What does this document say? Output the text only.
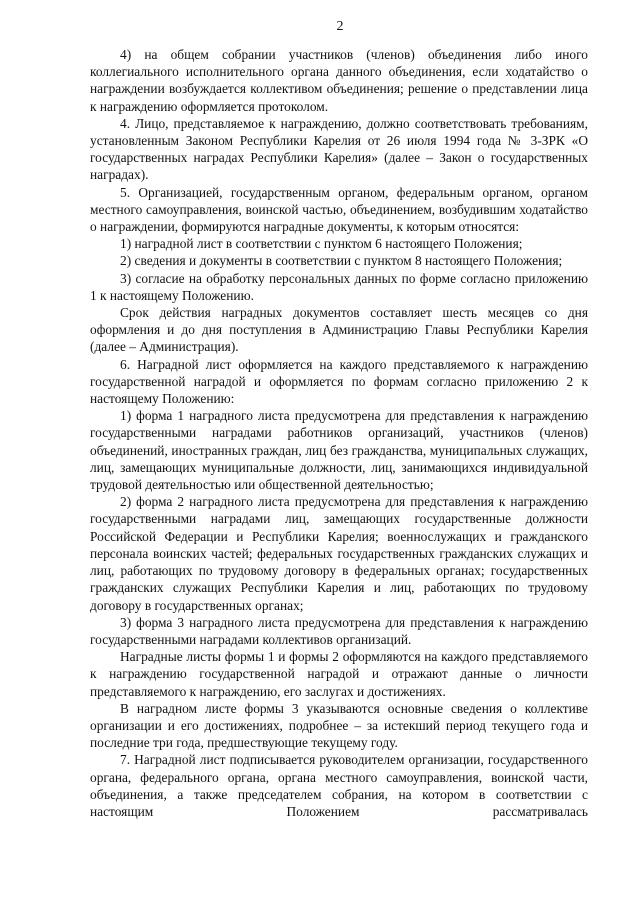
2

4) на общем собрании участников (членов) объединения либо иного коллегиального исполнительного органа данного объединения, если ходатайство о награждении возбуждается коллективом объединения; решение о представлении лица к награждению оформляется протоколом.

4. Лицо, представляемое к награждению, должно соответствовать требованиям, установленным Законом Республики Карелия от 26 июля 1994 года № 3-ЗРК «О государственных наградах Республики Карелия» (далее – Закон о государственных наградах).

5. Организацией, государственным органом, федеральным органом, органом местного самоуправления, воинской частью, объединением, возбудившим ходатайство о награждении, формируются наградные документы, к которым относятся:

1) наградной лист в соответствии с пунктом 6 настоящего Положения;

2) сведения и документы в соответствии с пунктом 8 настоящего Положения;

3) согласие на обработку персональных данных по форме согласно приложению 1 к настоящему Положению.

Срок действия наградных документов составляет шесть месяцев со дня оформления и до дня поступления в Администрацию Главы Республики Карелия (далее – Администрация).

6. Наградной лист оформляется на каждого представляемого к награждению государственной наградой и оформляется по формам согласно приложению 2 к настоящему Положению:

1) форма 1 наградного листа предусмотрена для представления к награждению государственными наградами работников организаций, участников (членов) объединений, иностранных граждан, лиц без гражданства, муниципальных служащих, лиц, замещающих муниципальные должности, лиц, занимающихся индивидуальной трудовой деятельностью или общественной деятельностью;

2) форма 2 наградного листа предусмотрена для представления к награждению государственными наградами лиц, замещающих государственные должности Российской Федерации и Республики Карелия; военнослужащих и гражданского персонала воинских частей; федеральных государственных гражданских служащих и лиц, работающих по трудовому договору в федеральных органах; государственных гражданских служащих Республики Карелия и лиц, работающих по трудовому договору в государственных органах;

3) форма 3 наградного листа предусмотрена для представления к награждению государственными наградами коллективов организаций.

Наградные листы формы 1 и формы 2 оформляются на каждого представляемого к награждению государственной наградой и отражают данные о личности представляемого к награждению, его заслугах и достижениях.

В наградном листе формы 3 указываются основные сведения о коллективе организации и его достижениях, подробнее – за истекший период текущего года и последние три года, предшествующие текущему году.

7. Наградной лист подписывается руководителем организации, государственного органа, федерального органа, органа местного самоуправления, воинской части, объединения, а также председателем собрания, на котором в соответствии с настоящим Положением рассматривалась
